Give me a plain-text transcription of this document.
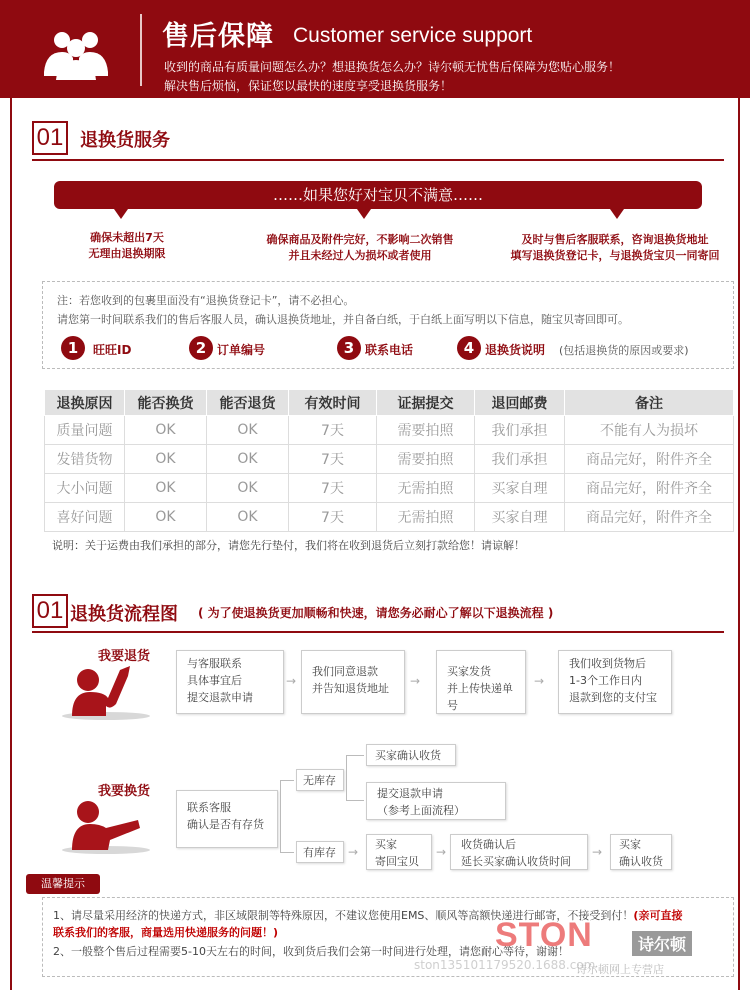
售后保障 Customer service support
收到的商品有质量问题怎么办？想退换货怎么办？诗尔顿无忧售后保障为您贴心服务！
解决售后烦恼，保证您以最快的速度享受退换货服务！
01 退换货服务
……如果您好对宝贝不满意……
确保未超出7天
无理由退换期限
确保商品及附件完好，不影响二次销售
并且未经过人为损坏或者使用
及时与售后客服联系，咨询退换货地址
填写退换货登记卡，与退换货宝贝一同寄回
注：若您收到的包裹里面没有“退换货登记卡”，请不必担心。
请您第一时间联系我们的售后客服人员，确认退换货地址，并自备白纸，于白纸上面写明以下信息，随宝贝寄回即可。
1	旺旺ID	2 订单编号	3 联系电话	4 退换货说明 (包括退换货的原因或要求)
退换原因	能否换货	能否退货	有效时间	证据提交	退回邮费	备注
质量问题	OK	OK	7天	需要拍照	我们承担	不能有人为损坏
发错货物	OK	OK	7天	需要拍照	我们承担	商品完好，附件齐全
大小问题	OK	OK	7天	无需拍照	买家自理	商品完好，附件齐全
喜好问题	OK	OK	7天	无需拍照	买家自理	商品完好，附件齐全
说明：关于运费由我们承担的部分，请您先行垫付，我们将在收到退货后立刻打款给您！请谅解！
01 退换货流程图 ( 为了使退换货更加顺畅和快速，请您务必耐心了解以下退换流程 )
我要退货	与客服联系
具体事宜后
提交退款申请
→
我们同意退款
并告知退货地址
→
买家发货
并上传快递单号
→
我们收到货物后
1-3个工作日内
退款到您的支付宝
我要换货
联系客服
确认是否有存货
无库存
有库存
买家确认收货
提交退款申请
（参考上面流程）
→
买家
寄回宝贝
→
收货确认后
延长买家确认收货时间
→
买家
确认收货
温馨提示
1、请尽量采用经济的快递方式，非区域限制等特殊原因，不建议您使用EMS、顺风等高额快递进行邮寄，不接受到付！(亲可直接
联系我们的客服，商量选用快递服务的问题！)
2、一般整个售后过程需要5-10天左右的时间，收到货后我们会第一时间进行处理，请您耐心等待，谢谢！
STON	诗尔顿
ston135101179520.1688.com
诗尔顿网上专营店
